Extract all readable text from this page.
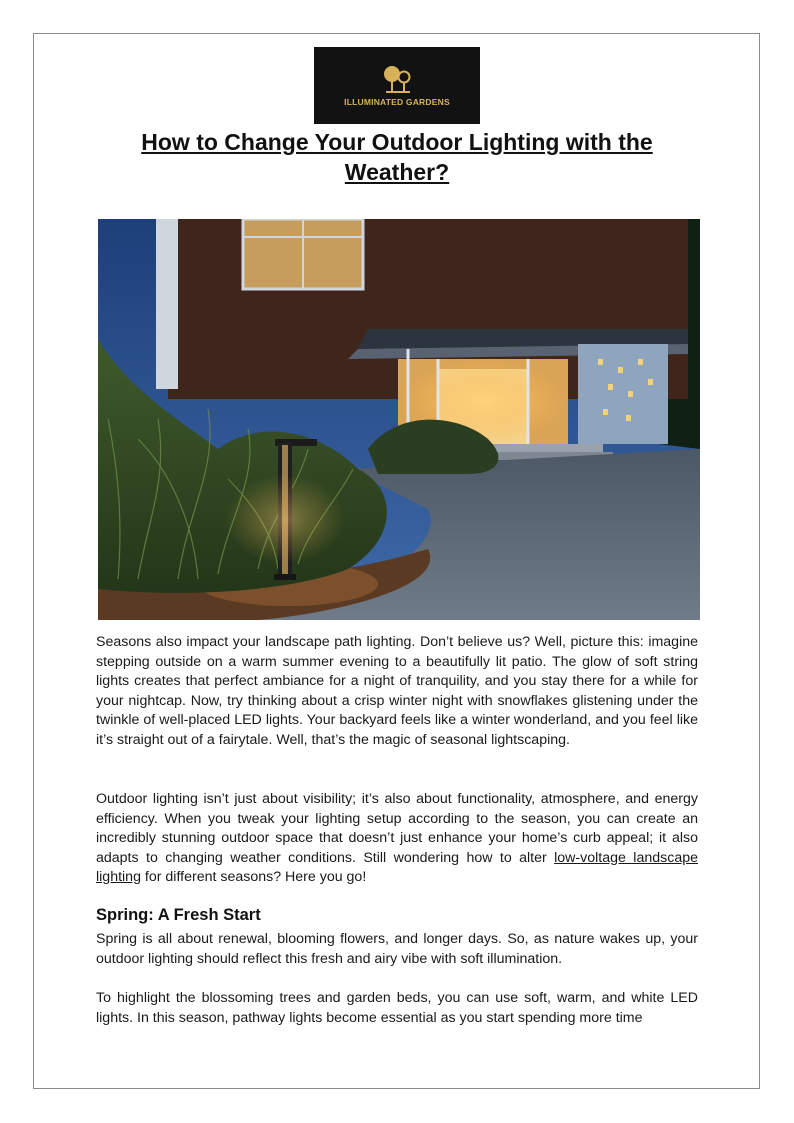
ILLUMINATED GARDENS
How to Change Your Outdoor Lighting with the Weather?

Seasons also impact your landscape path lighting. Don’t believe us? Well, picture this: imagine stepping outside on a warm summer evening to a beautifully lit patio. The glow of soft string lights creates that perfect ambiance for a night of tranquility, and you stay there for a while for your nightcap. Now, try thinking about a crisp winter night with snowflakes glistening under the twinkle of well-placed LED lights. Your backyard feels like a winter wonderland, and you feel like it’s straight out of a fairytale. Well, that’s the magic of seasonal lightscaping.

Outdoor lighting isn’t just about visibility; it’s also about functionality, atmosphere, and energy efficiency. When you tweak your lighting setup according to the season, you can create an incredibly stunning outdoor space that doesn’t just enhance your home’s curb appeal; it also adapts to changing weather conditions. Still wondering how to alter low-voltage landscape lighting for different seasons? Here you go!

Spring: A Fresh Start

Spring is all about renewal, blooming flowers, and longer days. So, as nature wakes up, your outdoor lighting should reflect this fresh and airy vibe with soft illumination.

To highlight the blossoming trees and garden beds, you can use soft, warm, and white LED lights. In this season, pathway lights become essential as you start spending more time
